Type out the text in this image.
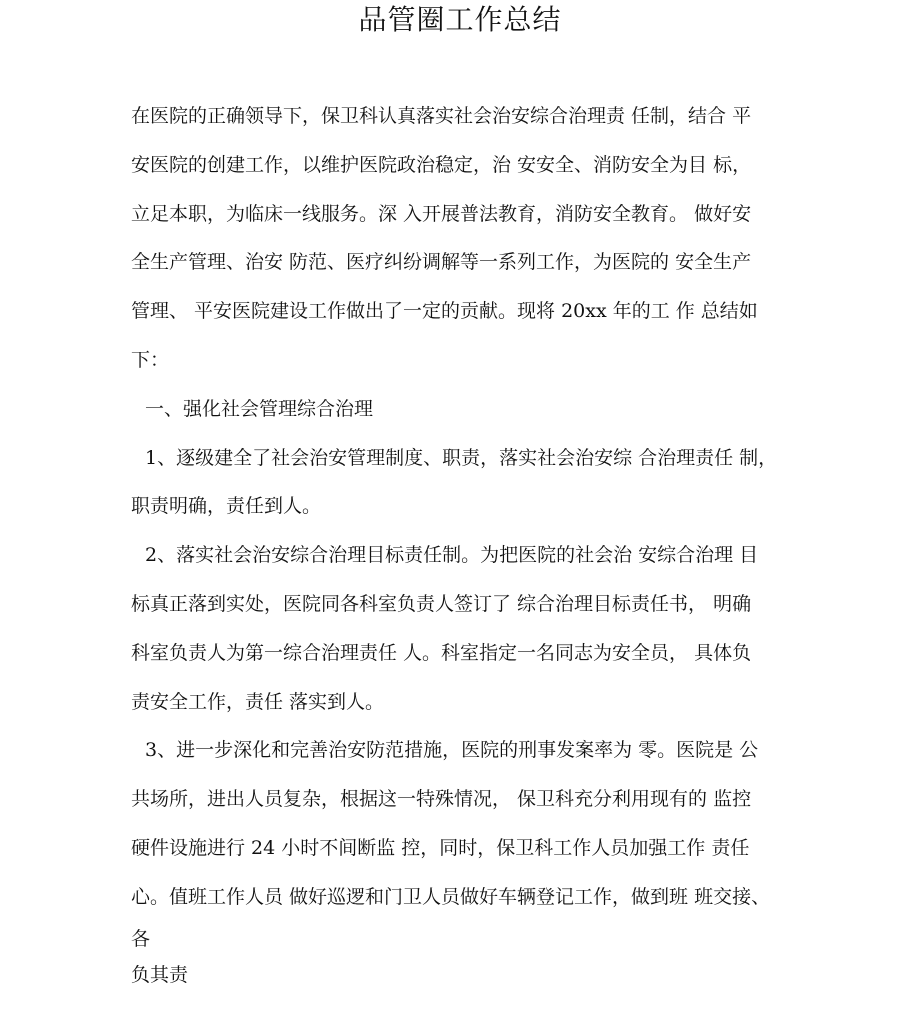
品管圈工作总结
在医院的正确领导下，保卫科认真落实社会治安综合治理责 任制，结合 平
安医院的创建工作，以维护医院政治稳定，治 安安全、消防安全为目 标，
立足本职，为临床一线服务。深 入开展普法教育，消防安全教育。 做好安
全生产管理、治安 防范、医疗纠纷调解等一系列工作，为医院的 安全生产
管理、 平安医院建设工作做出了一定的贡献。现将 20xx 年的工 作 总结如
下：
一、强化社会管理综合治理
1、逐级建全了社会治安管理制度、职责，落实社会治安综 合治理责任 制，
职责明确，责任到人。
2、落实社会治安综合治理目标责任制。为把医院的社会治 安综合治理 目
标真正落到实处，医院同各科室负责人签订了 综合治理目标责任书， 明确
科室负责人为第一综合治理责任 人。科室指定一名同志为安全员， 具体负
责安全工作，责任 落实到人。
3、进一步深化和完善治安防范措施，医院的刑事发案率为 零。医院是 公
共场所，进出人员复杂，根据这一特殊情况， 保卫科充分利用现有的 监控
硬件设施进行 24 小时不间断监 控，同时，保卫科工作人员加强工作 责任
心。值班工作人员 做好巡逻和门卫人员做好车辆登记工作，做到班 班交接、
各
负其责
